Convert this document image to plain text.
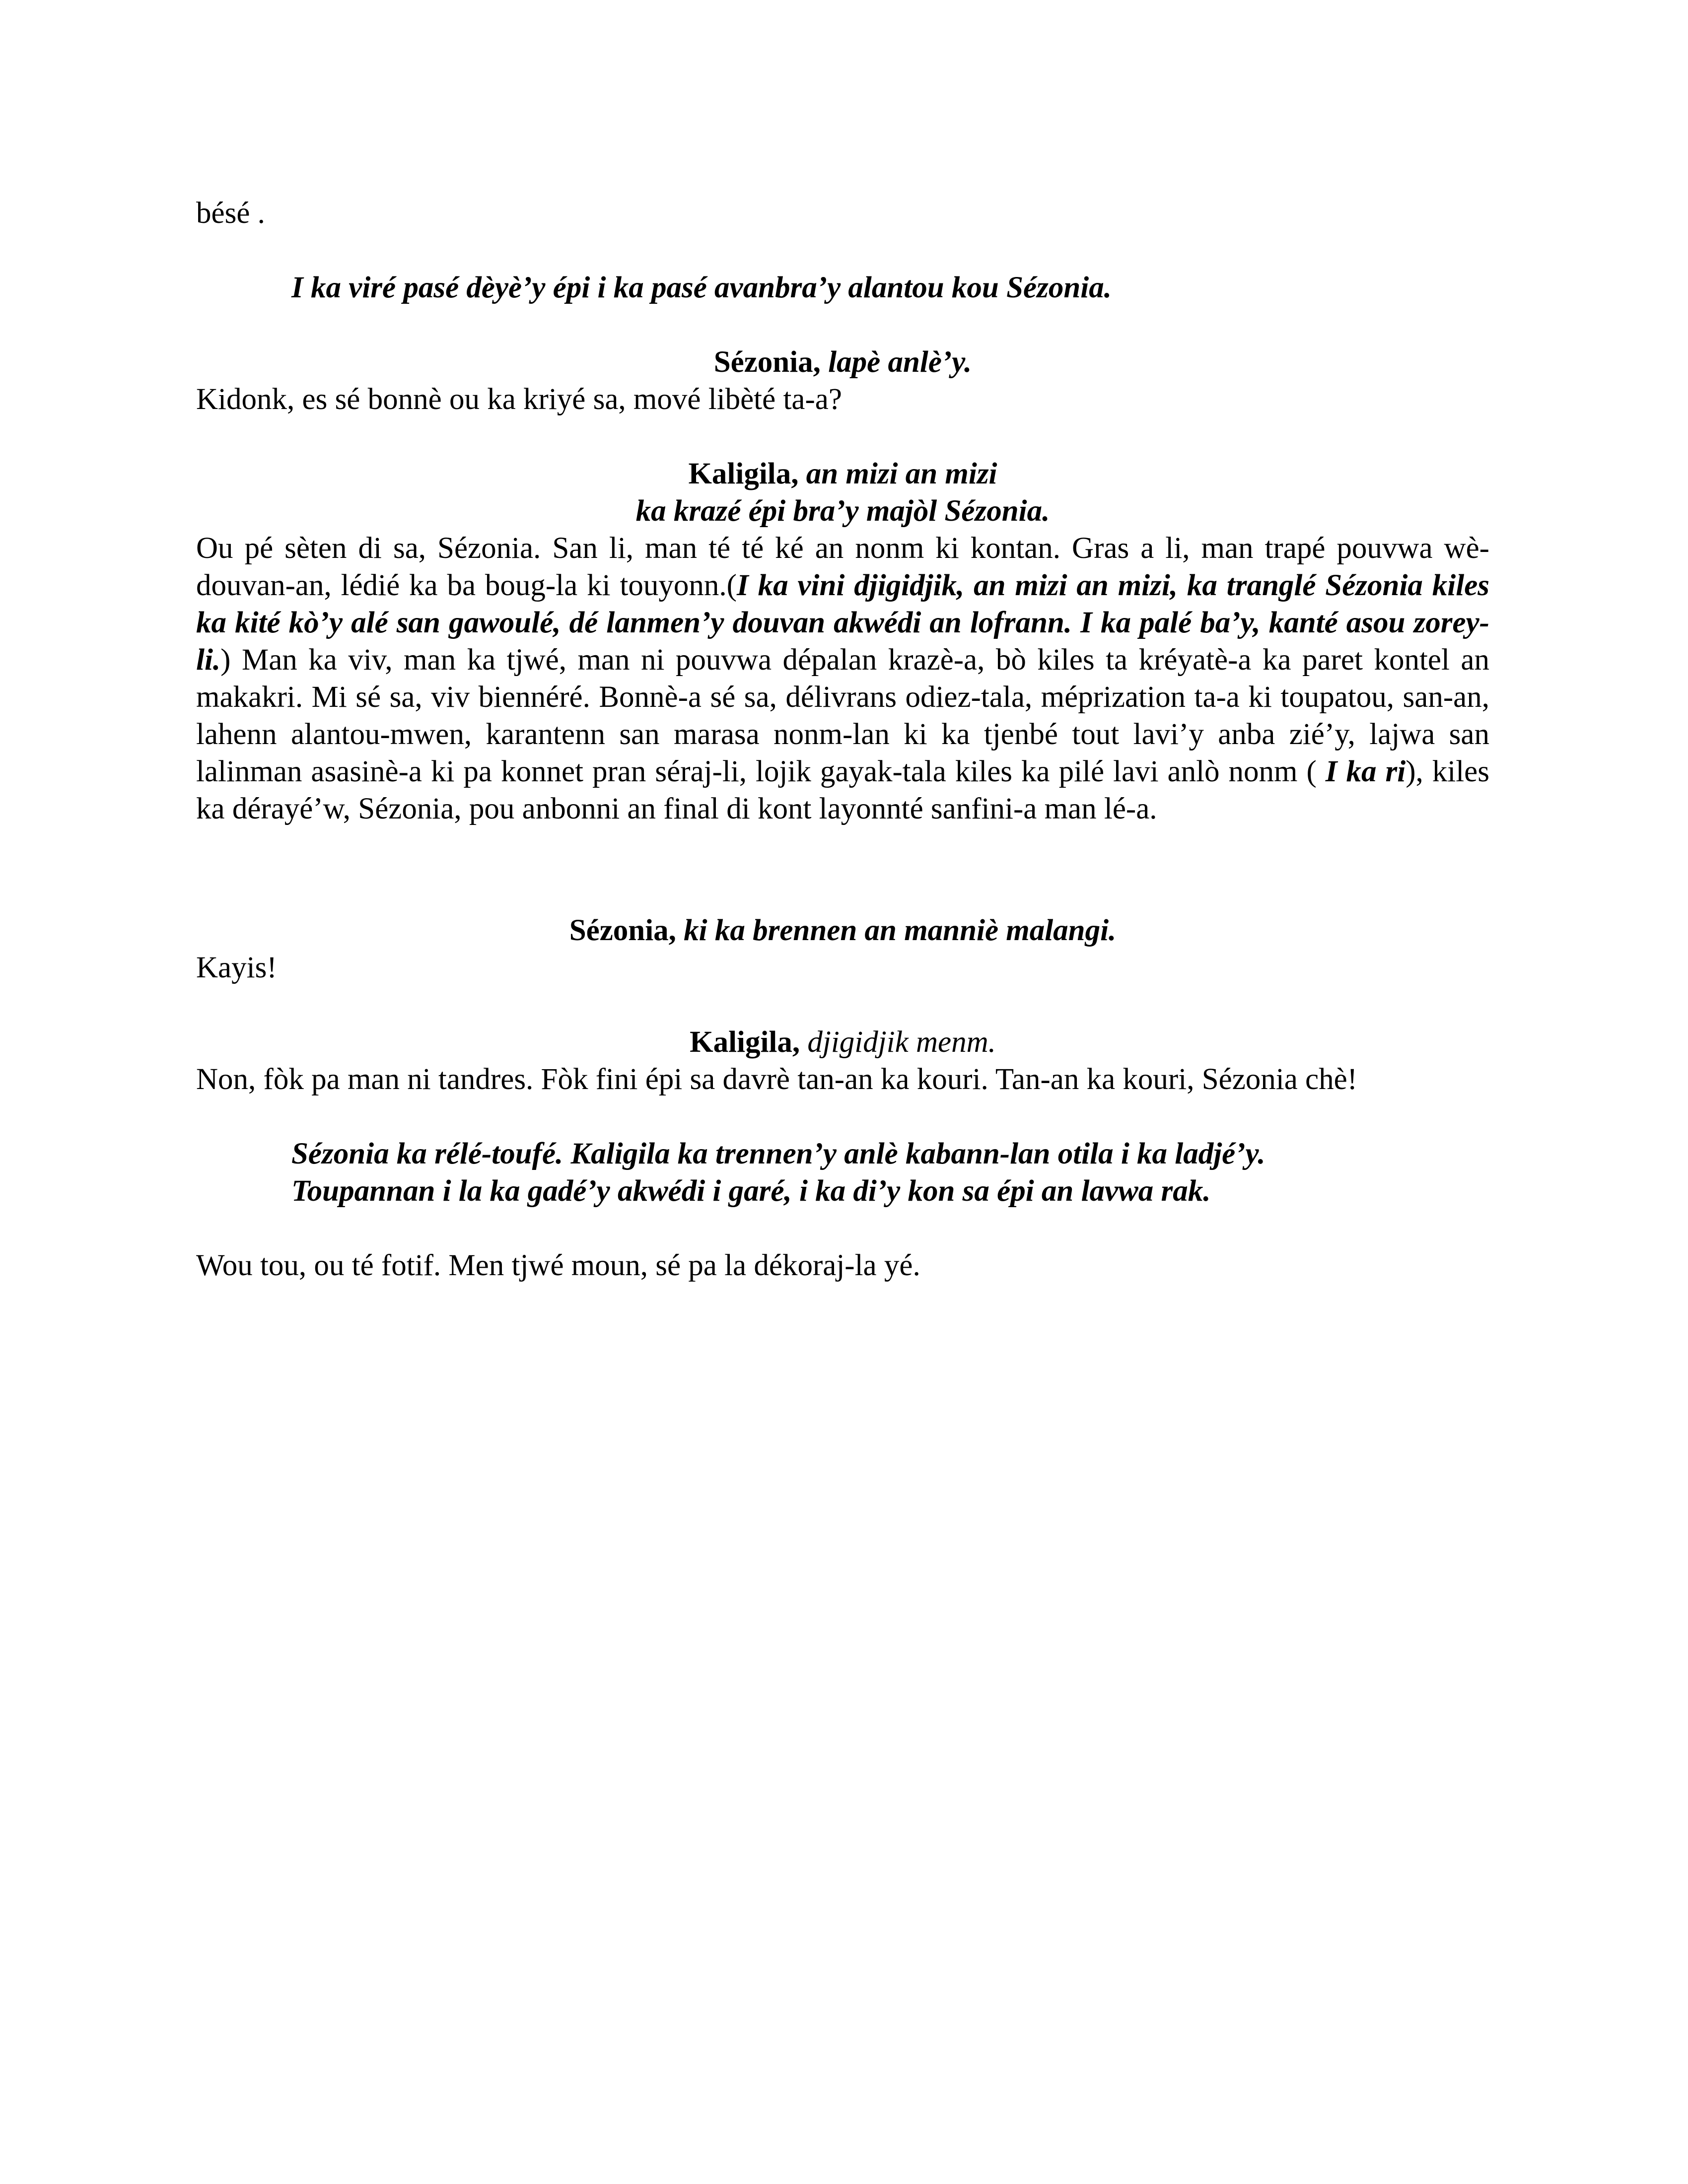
bésé .

I ka viré pasé dèyè’y épi i ka pasé avanbra’y alantou kou Sézonia.

Sézonia, lapè anlè’y.

Kidonk, es sé bonnè ou ka kriyé sa, mové libèté ta-a?

Kaligila, an mizi an mizi
ka krazé épi bra’y majòl Sézonia.

Ou pé sèten di sa, Sézonia. San li, man té té ké an nonm ki kontan. Gras a li, man trapé pouvwa wè-douvan-an, lédié ka ba boug-la ki touyonn.(I ka vini djigidjik, an mizi an mizi, ka tranglé Sézonia kiles ka kité kò’y alé san gawoulé, dé lanmen’y douvan akwédi an lofrann. I ka palé ba’y, kanté asou zorey-li.) Man ka viv, man ka tjwé, man ni pouvwa dépalan krazè-a, bò kiles ta kréyatè-a ka paret kontel an makakri. Mi sé sa, viv biennéré. Bonnè-a sé sa, délivrans odiez-tala, méprization ta-a ki toupatou, san-an, lahenn alantou-mwen, karantenn san marasa nonm-lan ki ka tjenbé tout lavi’y anba zié’y, lajwa san lalinman asasinè-a ki pa konnet pran séraj-li, lojik gayak-tala kiles ka pilé lavi anlò nonm ( I ka ri), kiles ka dérayé’w, Sézonia, pou anbonni an final di kont layonnté sanfini-a man lé-a.

Sézonia, ki ka brennen an manniè malangi.

Kayis!

Kaligila, djigidjik menm.

Non, fòk pa man ni tandres. Fòk fini épi sa davrè tan-an ka kouri. Tan-an ka kouri, Sézonia chè!

Sézonia ka rélé-toufé. Kaligila ka trennen’y anlè kabann-lan otila i ka ladjé’y.
Toupannan i la ka gadé’y akwédi i garé, i ka di’y kon sa épi an lavwa rak.

Wou tou, ou té fotif. Men tjwé moun, sé pa la dékoraj-la yé.
